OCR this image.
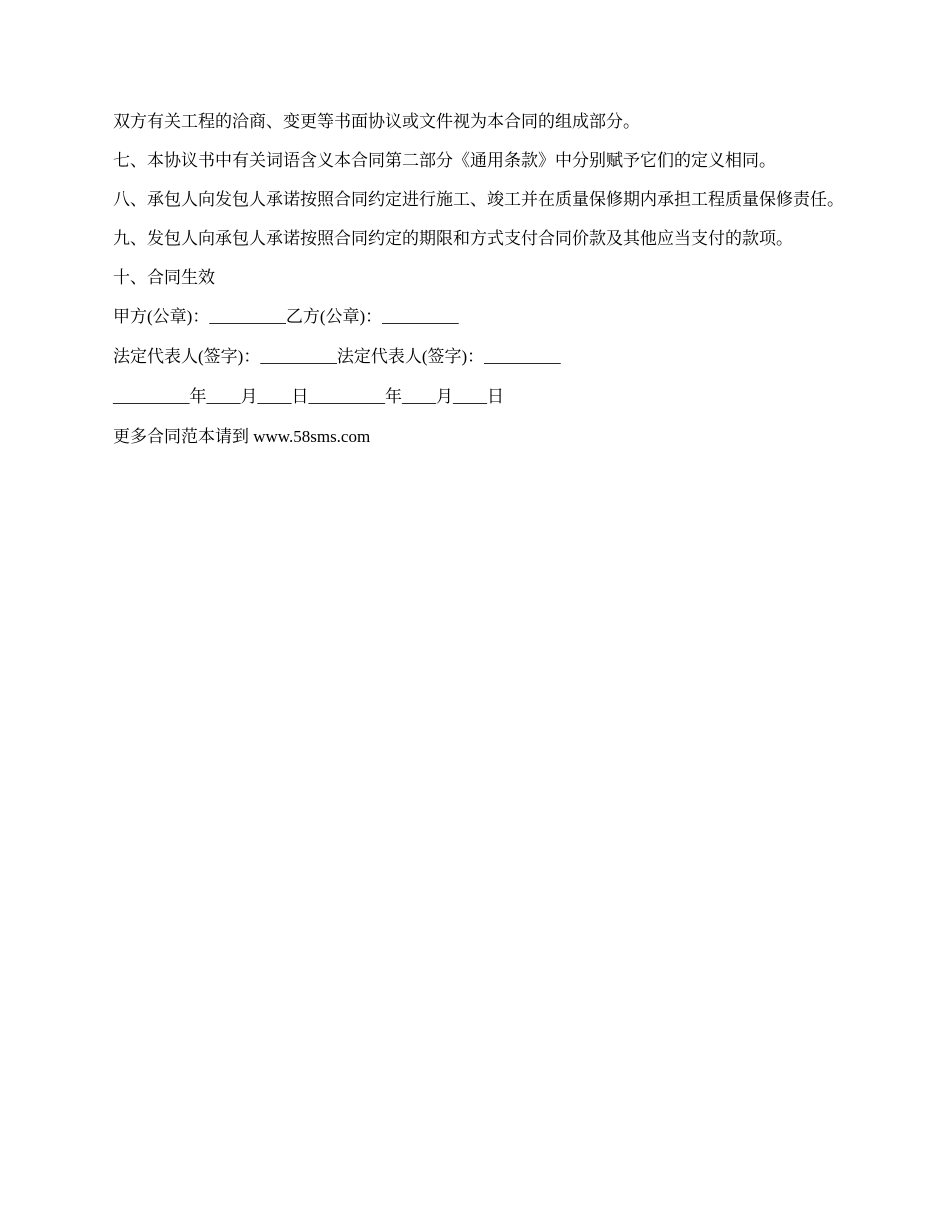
双方有关工程的洽商、变更等书面协议或文件视为本合同的组成部分。

七、本协议书中有关词语含义本合同第二部分《通用条款》中分别赋予它们的定义相同。

八、承包人向发包人承诺按照合同约定进行施工、竣工并在质量保修期内承担工程质量保修责任。

九、发包人向承包人承诺按照合同约定的期限和方式支付合同价款及其他应当支付的款项。

十、合同生效

甲方(公章)：_________乙方(公章)：_________

法定代表人(签字)：_________法定代表人(签字)：_________

_________年____月____日_________年____月____日

更多合同范本请到 www.58sms.com
